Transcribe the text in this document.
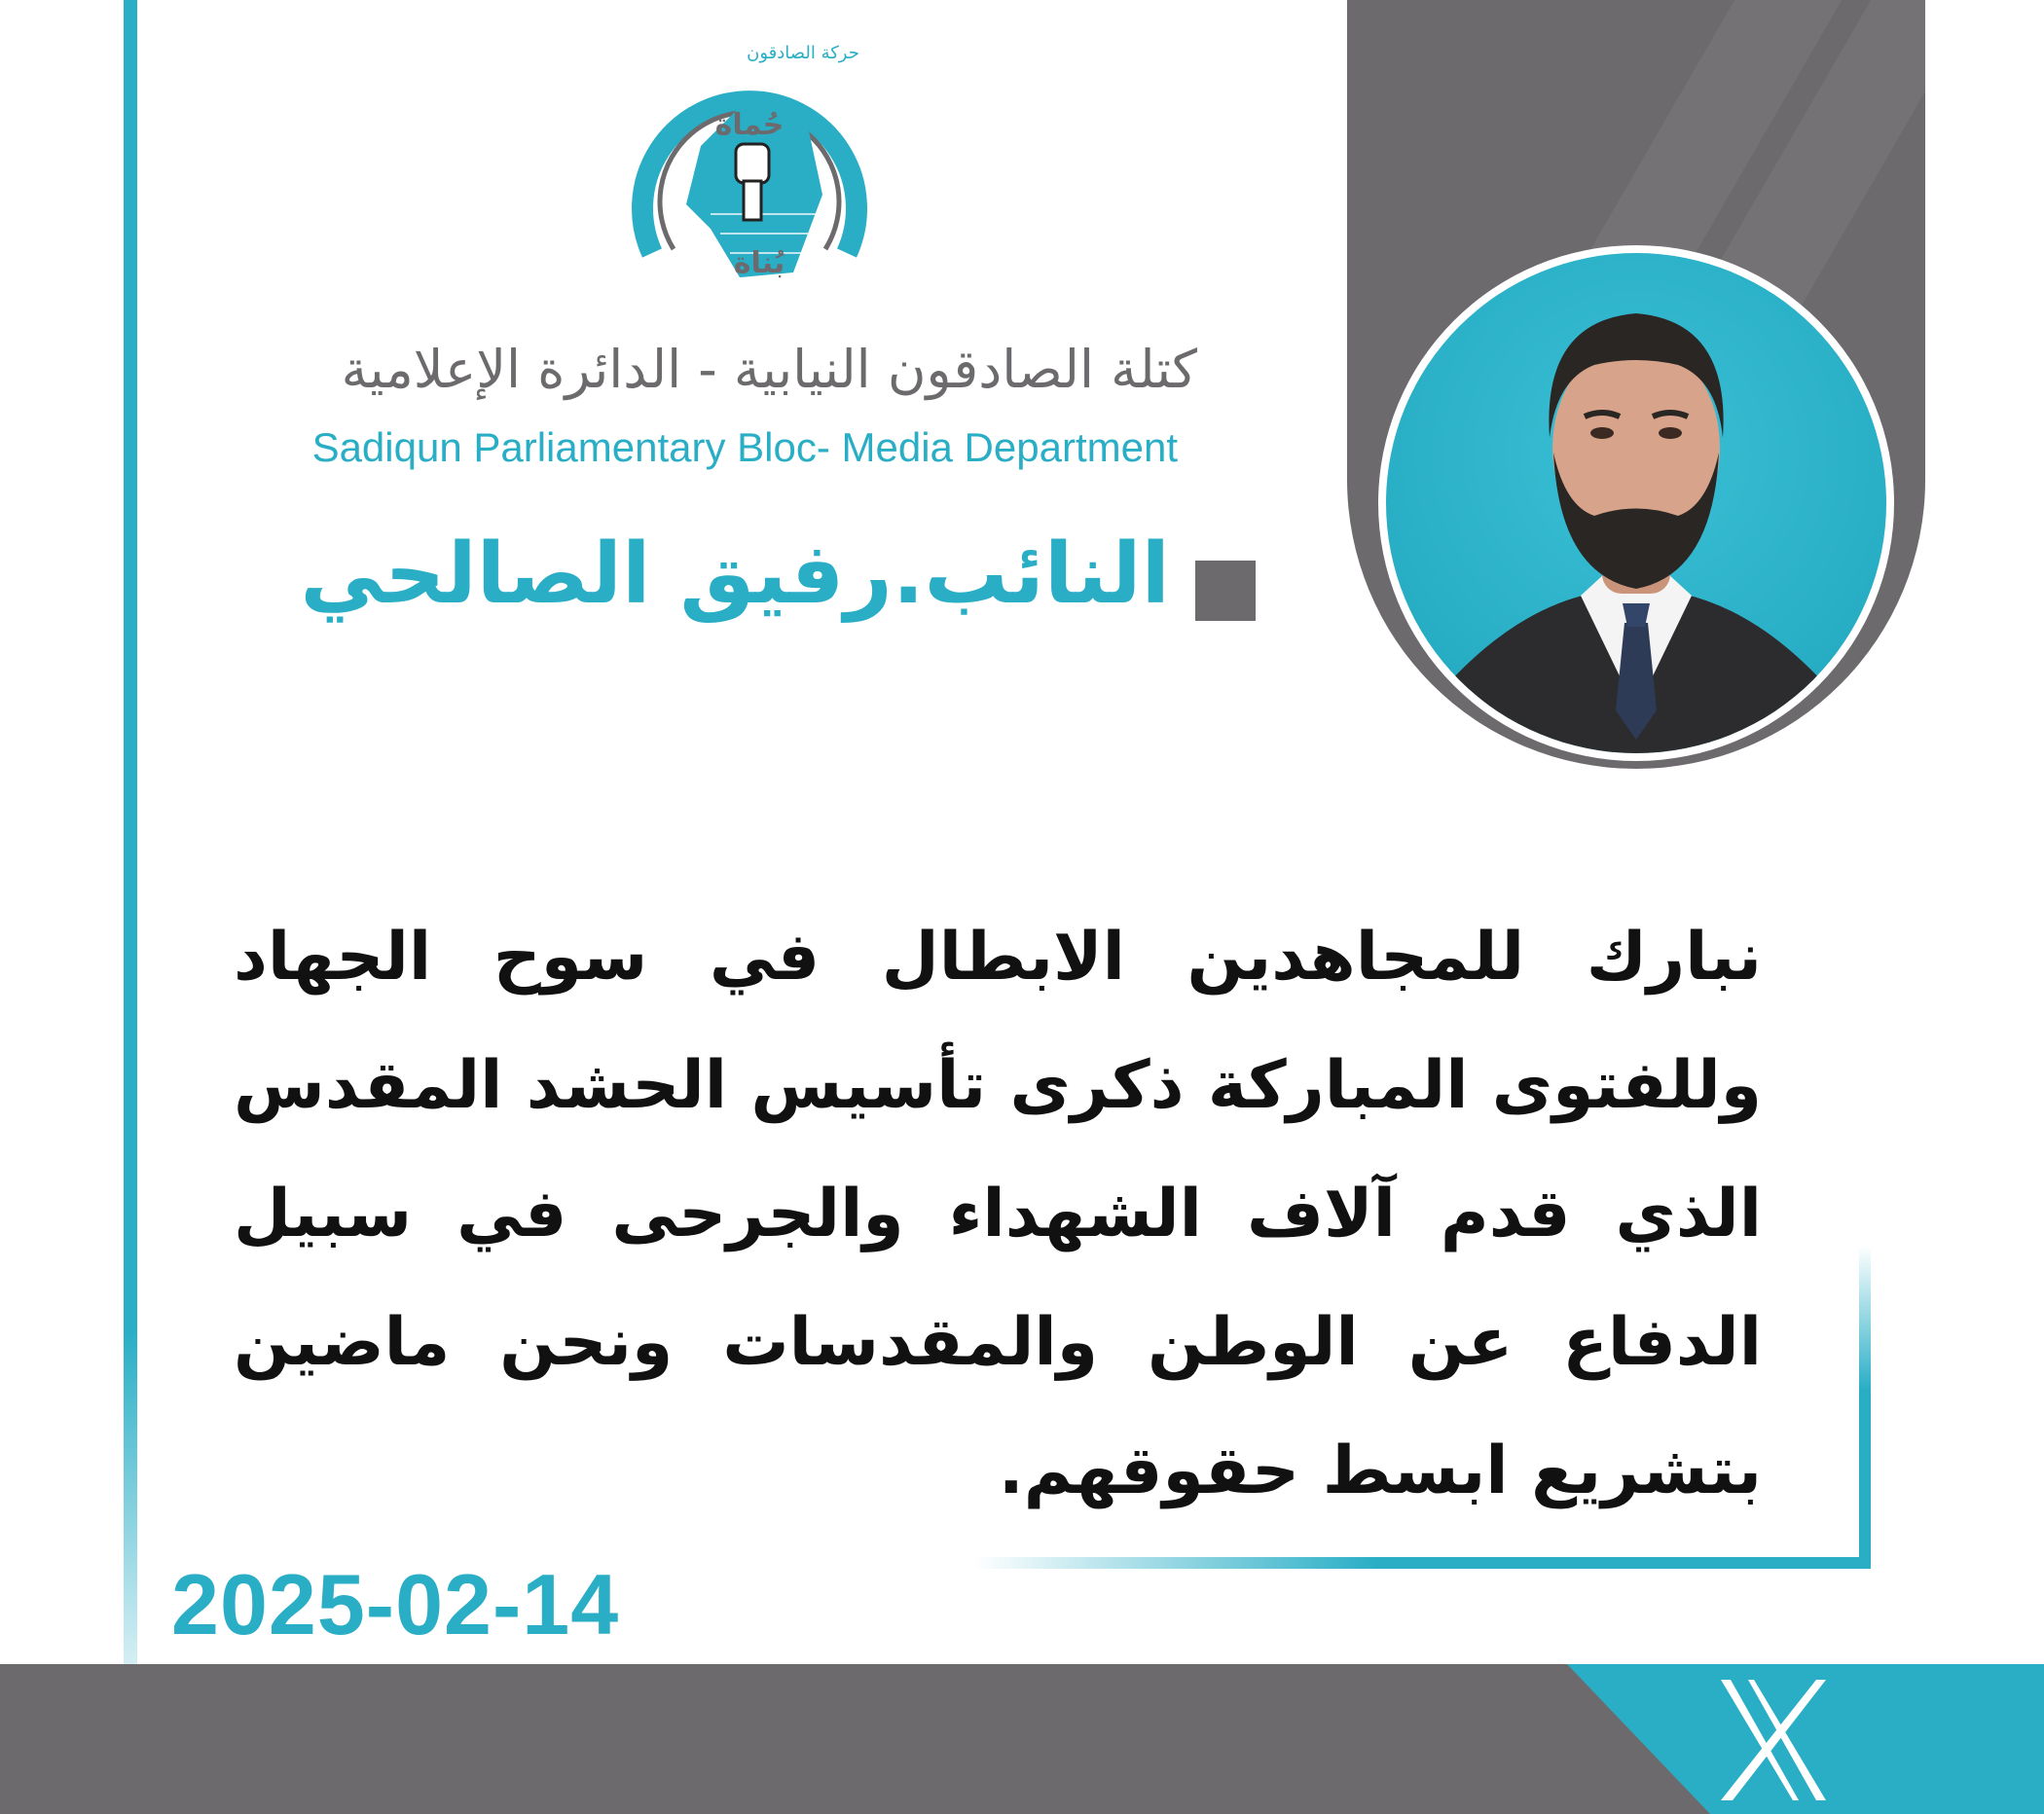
حُماة
بُناة
حركة الصادقون
كتلة الصادقون النيابية - الدائرة الإعلامية
Sadiqun Parliamentary Bloc- Media Department
النائب.رفيق الصالحي
نبارك للمجاهدين الابطال في سوح الجهاد وللفتوى المباركة ذكرى تأسيس الحشد المقدس الذي قدم آلاف الشهداء والجرحى في سبيل الدفاع عن الوطن والمقدسات ونحن ماضين بتشريع ابسط حقوقهم.
2025-02-14
